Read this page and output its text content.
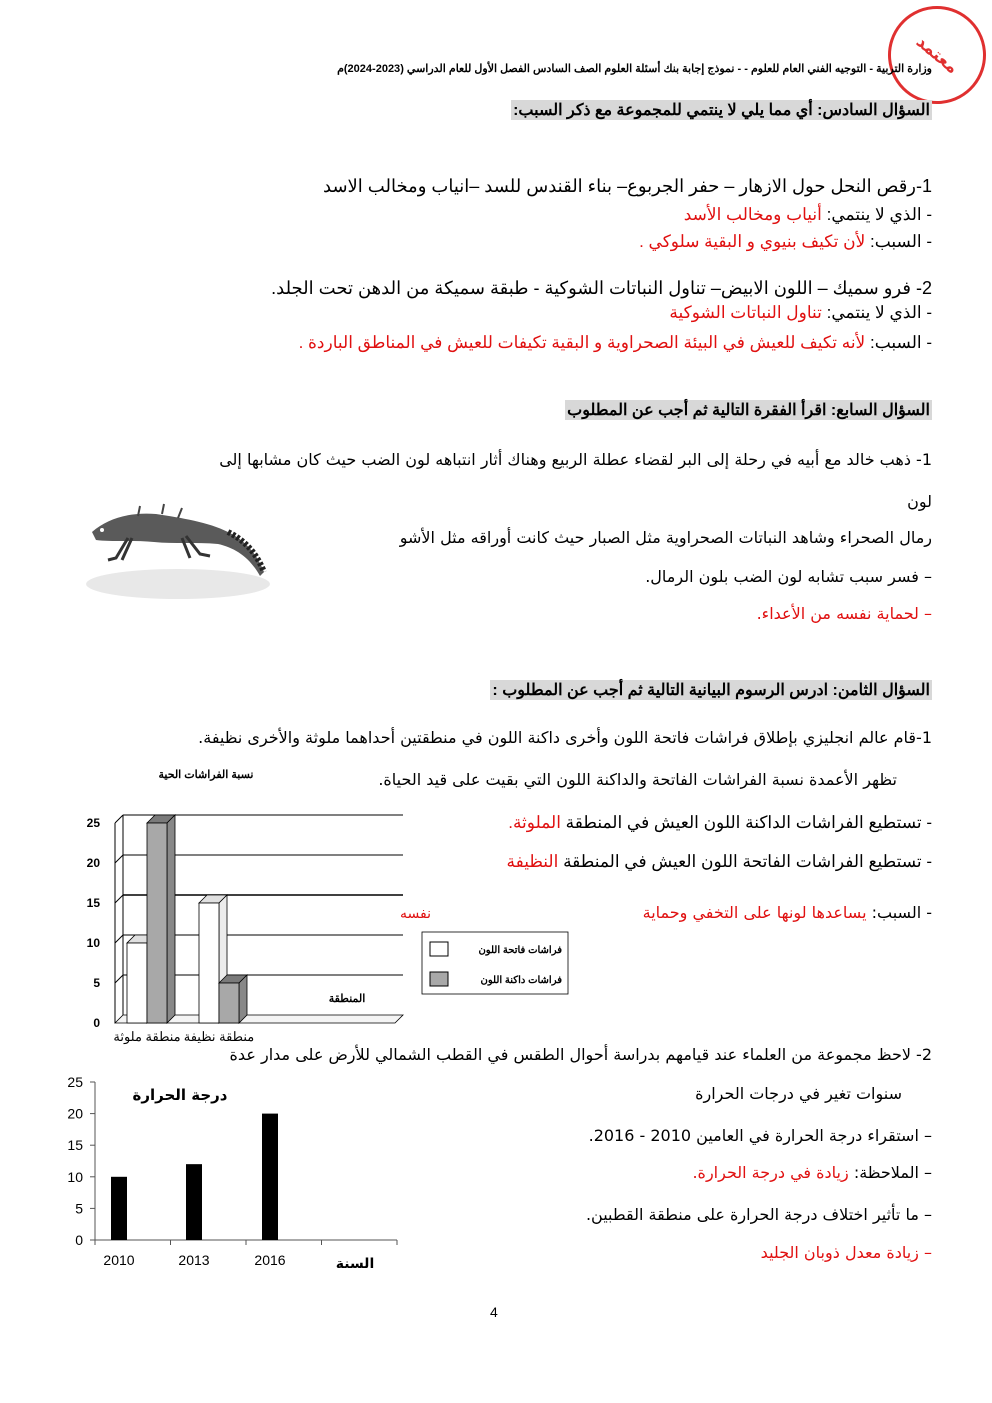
معتمد
وزارة التربية - التوجيه الفني العام للعلوم - - نموذج إجابة بنك أسئلة العلوم الصف السادس الفصل الأول للعام الدراسي (2023-2024)م
السؤال السادس: أي مما يلي لا ينتمي للمجموعة مع ذكر السبب:
1-رقص النحل حول الازهار – حفر الجربوع– بناء القندس للسد –انياب ومخالب الاسد
- الذي لا ينتمي: أنياب ومخالب الأسد
- السبب: لأن تكيف بنيوي و البقية سلوكي .
2- فرو سميك – اللون الابيض– تناول النباتات الشوكية - طبقة سميكة من الدهن تحت الجلد.
- الذي لا ينتمي: تناول النباتات الشوكية
- السبب: لأنه تكيف للعيش في البيئة الصحراوية و البقية تكيفات للعيش في المناطق الباردة .
السؤال السابع: اقرأ الفقرة التالية ثم أجب عن المطلوب
1- ذهب خالد مع أبيه في رحلة إلى البر لقضاء عطلة الربيع وهناك أثار انتباهه لون الضب حيث كان مشابها إلى
لون
رمال الصحراء وشاهد النباتات الصحراوية مثل الصبار حيث كانت أوراقه مثل الأشو
– فسر سبب تشابه لون الضب بلون الرمال.
– لحماية نفسه من الأعداء.
السؤال الثامن: ادرس الرسوم البيانية التالية ثم أجب عن المطلوب :
1-قام عالم انجليزي بإطلاق فراشات فاتحة اللون وأخرى داكنة اللون في منطقتين أحداهما ملوثة والأخرى نظيفة.
تظهر الأعمدة نسبة الفراشات الفاتحة والداكنة اللون التي بقيت على قيد الحياة.
- تستطيع الفراشات الداكنة اللون العيش في المنطقة الملوثة.
- تستطيع الفراشات الفاتحة اللون العيش في المنطقة النظيفة
- السبب: يساعدها لونها على التخفي وحماية
نفسه
2- لاحظ مجموعة من العلماء عند قيامهم بدراسة أحوال الطقس في القطب الشمالي للأرض على مدار عدة
سنوات تغير في درجات الحرارة
– استقراء درجة الحرارة في العامين 2010 - 2016.
– الملاحظة: زيادة في درجة الحرارة.
– ما تأثير اختلاف درجة الحرارة على منطقة القطبين.
– زيادة معدل ذوبان الجليد
نسبة الفراشات الحية
0
5
10
15
20
25
منطقة ملوثة منطقة نظيفة
المنطقة
فراشات فاتحة اللون
فراشات داكنة اللون
درجة الحرارة
0
5
10
15
20
25
2010	2013	2016	السنة
4
